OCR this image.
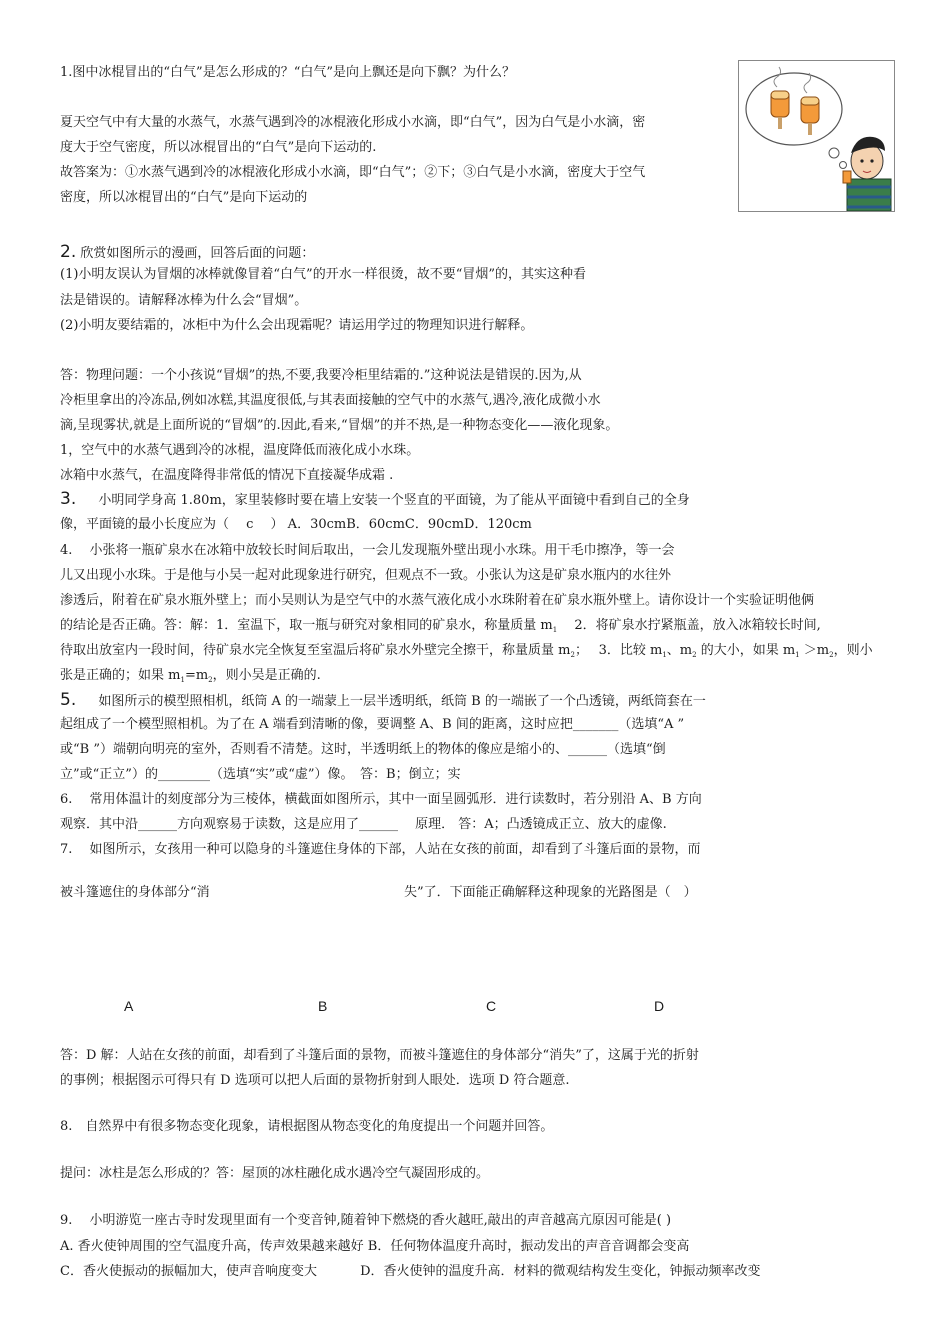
1.图中冰棍冒出的“白气”是怎么形成的？“白气”是向上飘还是向下飘？为什么？
夏天空气中有大量的水蒸气，水蒸气遇到冷的冰棍液化形成小水滴，即“白气”，因为白气是小水滴，密
度大于空气密度，所以冰棍冒出的“白气”是向下运动的.
故答案为：①水蒸气遇到冷的冰棍液化形成小水滴，即“白气”；②下；③白气是小水滴，密度大于空气
密度，所以冰棍冒出的“白气”是向下运动的
2. 欣赏如图所示的漫画，回答后面的问题：
(1)小明友误认为冒烟的冰棒就像冒着“白气”的开水一样很烫，故不要“冒烟”的，其实这种看
法是错误的。请解释冰棒为什么会“冒烟”。
(2)小明友要结霜的，冰柜中为什么会出现霜呢？请运用学过的物理知识进行解释。
答：物理问题：一个小孩说“冒烟”的热,不要,我要冷柜里结霜的.”这种说法是错误的.因为,从
冷柜里拿出的冷冻品,例如冰糕,其温度很低,与其表面接触的空气中的水蒸气,遇冷,液化成微小水
滴,呈现雾状,就是上面所说的“冒烟”的.因此,看来,“冒烟”的并不热,是一种物态变化——液化现象。
1，空气中的水蒸气遇到冷的冰棍，温度降低而液化成小水珠。
冰箱中水蒸气，在温度降得非常低的情况下直接凝华成霜 .
3. 小明同学身高 1.80m，家里装修时要在墙上安装一个竖直的平面镜，为了能从平面镜中看到自己的全身
像，平面镜的最小长度应为（　 c　 ） A．30cmB．60cmC．90cmD．120cm
4.　 小张将一瓶矿泉水在冰箱中放较长时间后取出，一会儿发现瓶外壁出现小水珠。用干毛巾擦净，等一会
儿又出现小水珠。于是他与小吴一起对此现象进行研究，但观点不一致。小张认为这是矿泉水瓶内的水往外
渗透后，附着在矿泉水瓶外壁上；而小吴则认为是空气中的水蒸气液化成小水珠附着在矿泉水瓶外壁上。请你设计一个实验证明他俩
的结论是否正确。答：解：1．室温下，取一瓶与研究对象相同的矿泉水，称量质量 $m_1$　 2．将矿泉水拧紧瓶盖，放入冰箱较长时间,
待取出放室内一段时间，待矿泉水完全恢复至室温后将矿泉水外壁完全擦干，称量质量 $m_2$；　 3．比较 $m_1$、$m_2$ 的大小，如果 $m_1 >m_2$，则小
张是正确的；如果 $m_1=m_2$，则小吴是正确的.
5. 如图所示的模型照相机，纸筒 A 的一端蒙上一层半透明纸，纸筒 B 的一端嵌了一个凸透镜，两纸筒套在一
起组成了一个模型照相机。为了在 A 端看到清晰的像，要调整 A、B 间的距离，这时应把_______（选填“A ”
或“B ”）端朝向明亮的室外，否则看不清楚。这时，半透明纸上的物体的像应是缩小的、______（选填“倒
立”或“正立”）的________（选填“实”或“虚”）像。　答：B；倒立；实
6.　 常用体温计的刻度部分为三棱体，横截面如图所示，其中一面呈圆弧形．进行读数时，若分别沿 A、B 方向
观察．其中沿______方向观察易于读数，这是应用了______　 原理． 答：A；凸透镜成正立、放大的虚像.
7.　 如图所示，女孩用一种可以隐身的斗篷遮住身体的下部，人站在女孩的前面，却看到了斗篷后面的景物，而
被斗篷遮住的身体部分“消	失”了．下面能正确解释这种现象的光路图是（　）
A	B	C	D
答：D 解：人站在女孩的前面，却看到了斗篷后面的景物，而被斗篷遮住的身体部分“消失”了，这属于光的折射
的事例；根据图示可得只有 D 选项可以把人后面的景物折射到人眼处．选项 D 符合题意.
8.　自然界中有很多物态变化现象，请根据图从物态变化的角度提出一个问题并回答。
提问：冰柱是怎么形成的？答：屋顶的冰柱融化成水遇冷空气凝固形成的。
9.　 小明游览一座古寺时发现里面有一个变音钟,随着钟下燃烧的香火越旺,敲出的声音越高亢原因可能是( )
A. 香火使钟周围的空气温度升高，传声效果越来越好 B．任何物体温度升高时，振动发出的声音音调都会变高
C．香火使振动的振幅加大，使声音响度变大　　　 D．香火使钟的温度升高．材料的微观结构发生变化，钟振动频率改变
